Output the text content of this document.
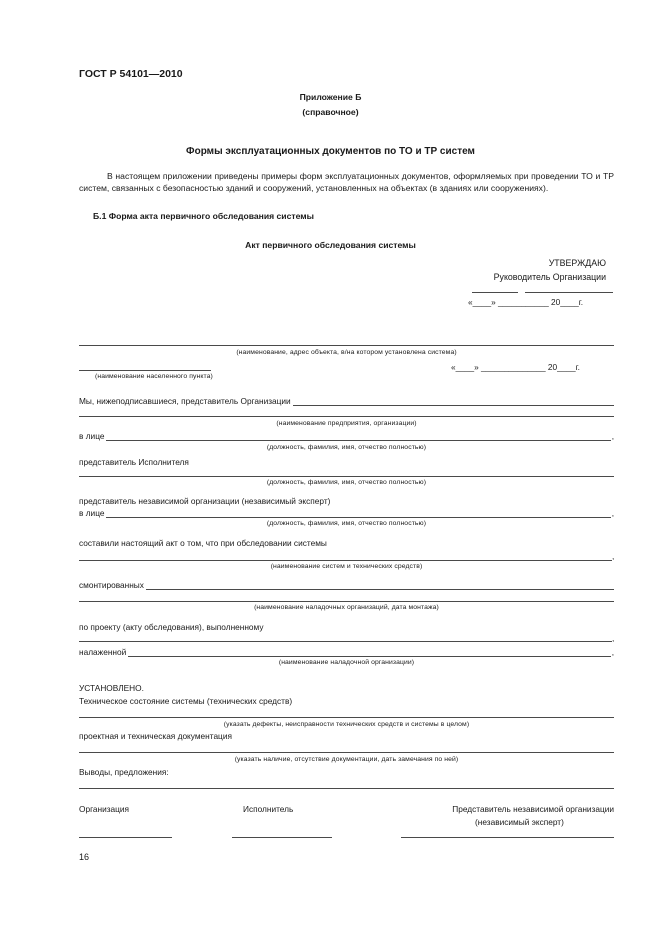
ГОСТ Р 54101—2010
Приложение Б
(справочное)
Формы эксплуатационных документов по ТО и ТР систем
В настоящем приложении приведены примеры форм эксплуатационных документов, оформляемых при проведении ТО и ТР систем, связанных с безопасностью зданий и сооружений, установленных на объектах (в зданиях или сооружениях).
Б.1 Форма акта первичного обследования системы
Акт первичного обследования системы
УТВЕРЖДАЮ
Руководитель Организации
«____» ___________ 20____г.
(наименование, адрес объекта, в/на котором установлена система)
«____» ______________ 20____г.
(наименование населенного пункта)
Мы, нижеподписавшиеся, представитель Организации
(наименование предприятия, организации)
в лице	,
(должность, фамилия, имя, отчество полностью)
представитель Исполнителя
(должность, фамилия, имя, отчество полностью)
представитель независимой организации (независимый эксперт)
в лице	,
(должность, фамилия, имя, отчество полностью)
составили настоящий акт о том, что при обследовании системы
,
(наименование систем и технических средств)
смонтированных
(наименование наладочных организаций, дата монтажа)
по проекту (акту обследования), выполненному
,
налаженной	,
(наименование наладочной организации)
УСТАНОВЛЕНО.
Техническое состояние системы (технических средств)
(указать дефекты, неисправности технических средств и системы в целом)
проектная и техническая документация
(указать наличие, отсутствие документации, дать замечания по ней)
Выводы, предложения:
Организация	Исполнитель	Представитель независимой организации
(независимый эксперт)
16
